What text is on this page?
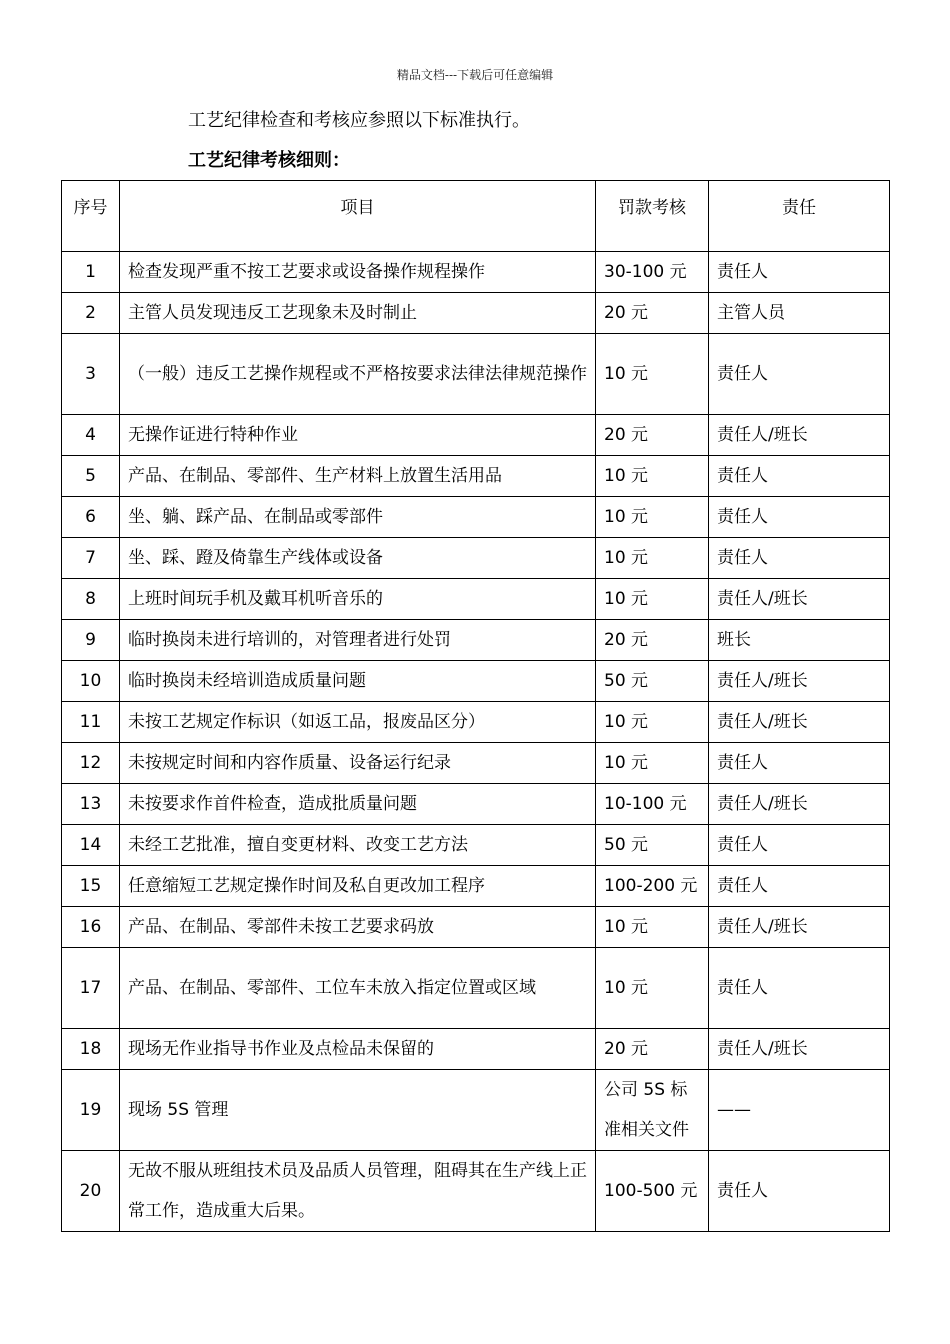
精品文档---下载后可任意编辑
工艺纪律检查和考核应参照以下标准执行。
工艺纪律考核细则：
序号	项目	罚款考核	责任
1	检查发现严重不按工艺要求或设备操作规程操作	30-100 元	责任人
2	主管人员发现违反工艺现象未及时制止	20 元	主管人员
3	（一般）违反工艺操作规程或不严格按要求法律法律规范操作	10 元	责任人
4	无操作证进行特种作业	20 元	责任人/班长
5	产品、在制品、零部件、生产材料上放置生活用品	10 元	责任人
6	坐、躺、踩产品、在制品或零部件	10 元	责任人
7	坐、踩、蹬及倚靠生产线体或设备	10 元	责任人
8	上班时间玩手机及戴耳机听音乐的	10 元	责任人/班长
9	临时换岗未进行培训的，对管理者进行处罚	20 元	班长
10	临时换岗未经培训造成质量问题	50 元	责任人/班长
11	未按工艺规定作标识（如返工品，报废品区分）	10 元	责任人/班长
12	未按规定时间和内容作质量、设备运行纪录	10 元	责任人
13	未按要求作首件检查，造成批质量问题	10-100 元	责任人/班长
14	未经工艺批准，擅自变更材料、改变工艺方法	50 元	责任人
15	任意缩短工艺规定操作时间及私自更改加工程序	100-200 元	责任人
16	产品、在制品、零部件未按工艺要求码放	10 元	责任人/班长
17	产品、在制品、零部件、工位车未放入指定位置或区域	10 元	责任人
18	现场无作业指导书作业及点检品未保留的	20 元	责任人/班长
19	现场 5S 管理	公司 5S 标准相关文件	——
20	无故不服从班组技术员及品质人员管理，阻碍其在生产线上正常工作，造成重大后果。	100-500 元	责任人
